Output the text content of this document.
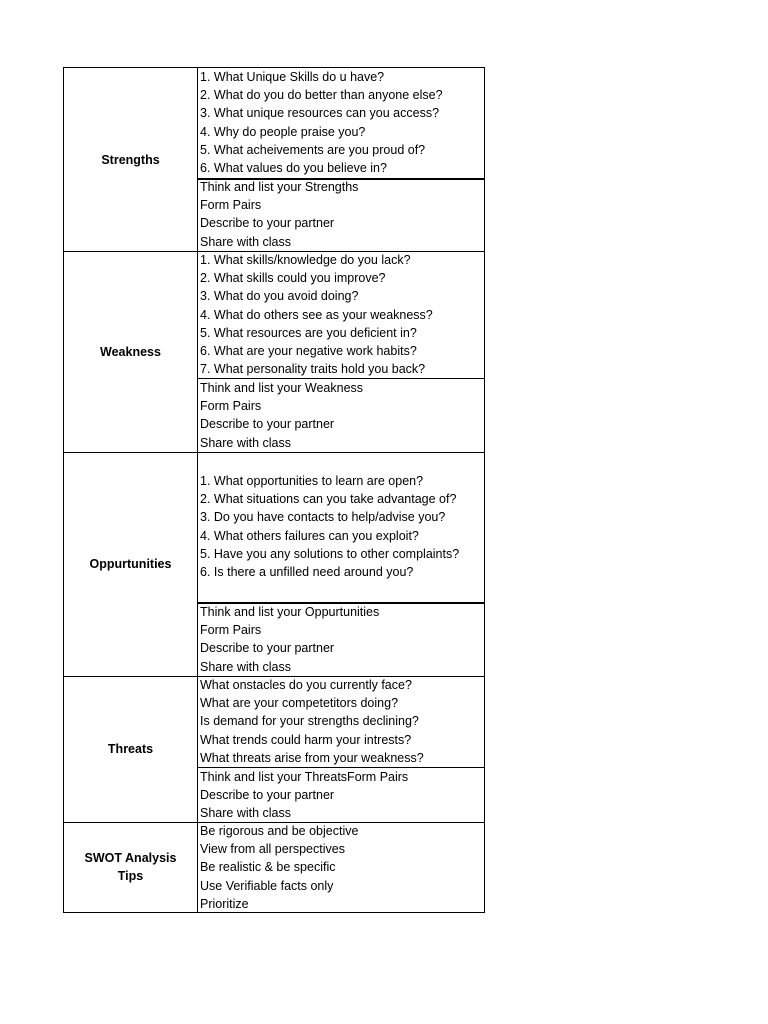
Strengths
1. What Unique Skills do u have?
2. What do you do better than anyone else?
3. What unique resources can you access?
4. Why do people praise you?
5. What acheivements are you proud of?
6. What values do you believe in?
Think and list your Strengths
Form Pairs
Describe to your partner
Share with class
Weakness
1. What skills/knowledge do you lack?
2. What skills could you improve?
3. What do you avoid doing?
4. What do others see as your weakness?
5. What resources are you deficient in?
6. What are your negative work habits?
7. What personality traits hold you back?
Think and list your Weakness
Form Pairs
Describe to your partner
Share with class
Oppurtunities
1. What opportunities to learn are open?
2. What situations can you take advantage of?
3. Do you have contacts to help/advise you?
4. What others failures can you exploit?
5. Have you any solutions to other complaints?
6. Is there a unfilled need around you?
Think and list your Oppurtunities
Form Pairs
Describe to your partner
Share with class
Threats
What onstacles do you currently face?
What are your competetitors doing?
Is demand for your strengths declining?
What trends could harm your intrests?
What threats arise from your weakness?
Think and list your ThreatsForm Pairs
Describe to your partner
Share with class
SWOT Analysis
Tips
Be rigorous and be objective
View from all perspectives
Be realistic & be specific
Use Verifiable facts only
Prioritize
